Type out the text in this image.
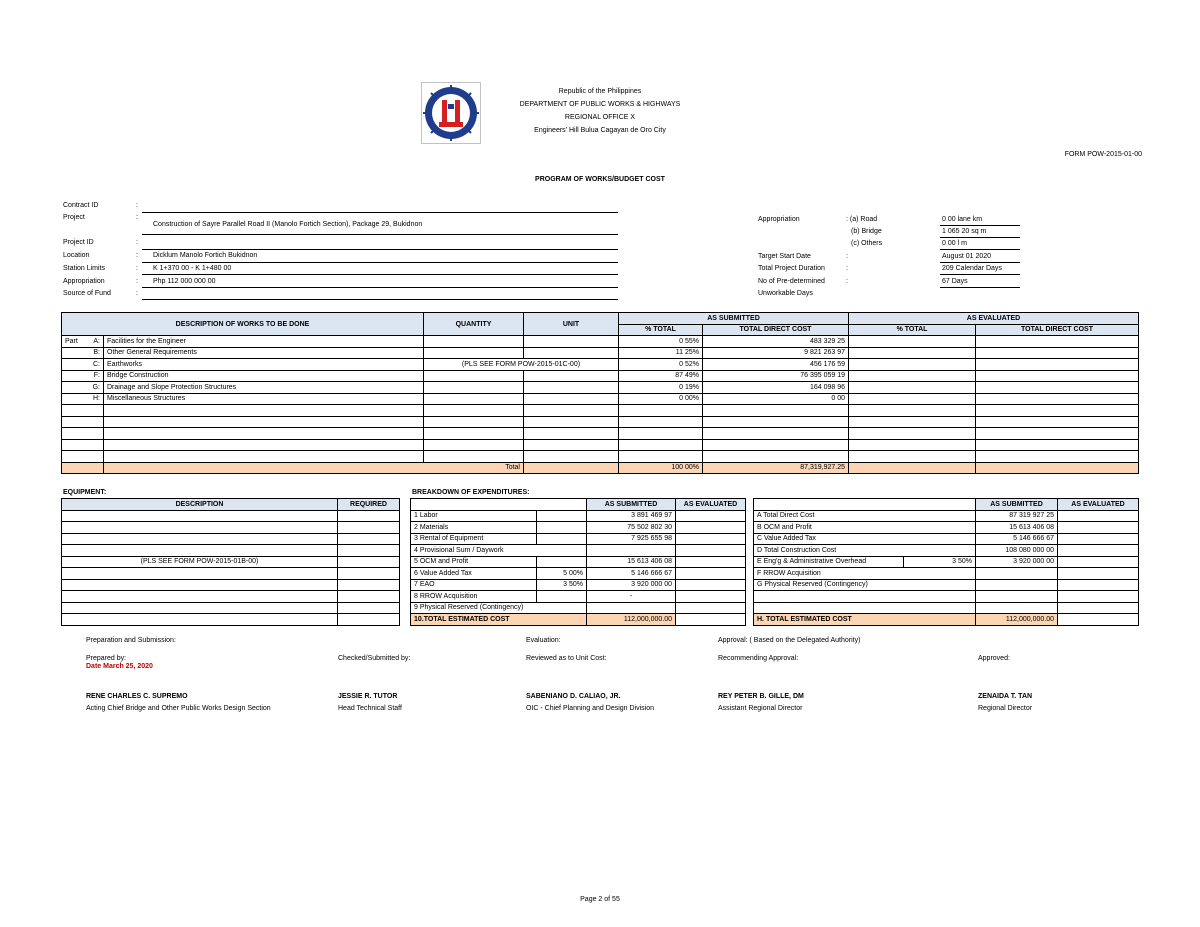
Republic of the Philippines
DEPARTMENT OF PUBLIC WORKS & HIGHWAYS
REGIONAL OFFICE X
Engineers' Hill Bulua Cagayan de Oro City
FORM POW-2015-01-00
PROGRAM OF WORKS/BUDGET COST
Contract ID	:
Project	:
Construction of Sayre Parallel Road II (Manolo Fortich Section), Package 29, Bukidnon
Project ID	:
Location	: Dicklum Manolo Fortich Bukidnon
Station Limits	: K 1+370 00 - K 1+480 00
Appropriation	: Php 112 000 000 00
Source of Fund	:
Appropriation	: (a) Road	0 00 lane km
(b) Bridge	1 065 20 sq m
(c) Others	0 00 l m
Target Start Date	:	August 01 2020
Total Project Duration	:	209 Calendar Days
No of Pre-determined	:	67 Days
Unworkable Days
DESCRIPTION OF WORKS TO BE DONE		QUANTITY	UNIT	AS SUBMITTED		AS EVALUATED	
				% TOTAL	TOTAL DIRECT COST	% TOTAL	TOTAL DIRECT COST
Part A:	Facilities for the Engineer			0 55%	483 329 25		
B:	Other General Requirements			11 25%	9 821 263 97		
C:	Earthworks	(PLS SEE FORM POW-2015-01C-00)		0 52%	456 176 59		
F:	Bridge Construction			87 49%	76 395 059 19		
G:	Drainage and Slope Protection Structures			0 19%	164 098 96		
H:	Miscellaneous Structures			0 00%	0 00		

	Total			100 00%	87,319,927.25		
EQUIPMENT:
DESCRIPTION	REQUIRED

(PLS SEE FORM POW-2015-01B-00)	

BREAKDOWN OF EXPENDITURES:
		AS SUBMITTED	AS EVALUATED
1 Labor		3 891 469 97	
2 Materials		75 502 802 30	
3 Rental of Equipment		7 925 655 98	
4 Provisional Sum / Daywork			
5 OCM and Profit		15 613 406 08	
6 Value Added Tax	5 00%	5 146 666 67	
7 EAO	3 50%	3 920 000 00	
8 RROW Acquisition		-	
9 Physical Reserved (Contingency)			
10.TOTAL ESTIMATED COST		112,000,000.00	
		AS SUBMITTED	AS EVALUATED
A Total Direct Cost		87 319 927 25	
B OCM and Profit		15 613 406 08	
C Value Added Tax		5 146 666 67	
D Total Construction Cost		108 080 000 00	
E Eng'g & Administrative Overhead	3 50%	3 920 000 00	
F RROW Acquisition			
G Physical Reserved (Contingency)			

H. TOTAL ESTIMATED COST		112,000,000.00	
Preparation and Submission:	Evaluation:	Approval: ( Based on the Delegated Authority)
Prepared by:
Date March 25, 2020
Checked/Submitted by:	Reviewed as to Unit Cost:	Recommending Approval:	Approved:
RENE CHARLES C. SUPREMO
Acting Chief Bridge and Other Public Works Design Section
JESSIE R. TUTOR
Head Technical Staff
SABENIANO D. CALIAO, JR.
OIC - Chief Planning and Design Division
REY PETER B. GILLE, DM
Assistant Regional Director
ZENAIDA T. TAN
Regional Director
Page 2 of 55
